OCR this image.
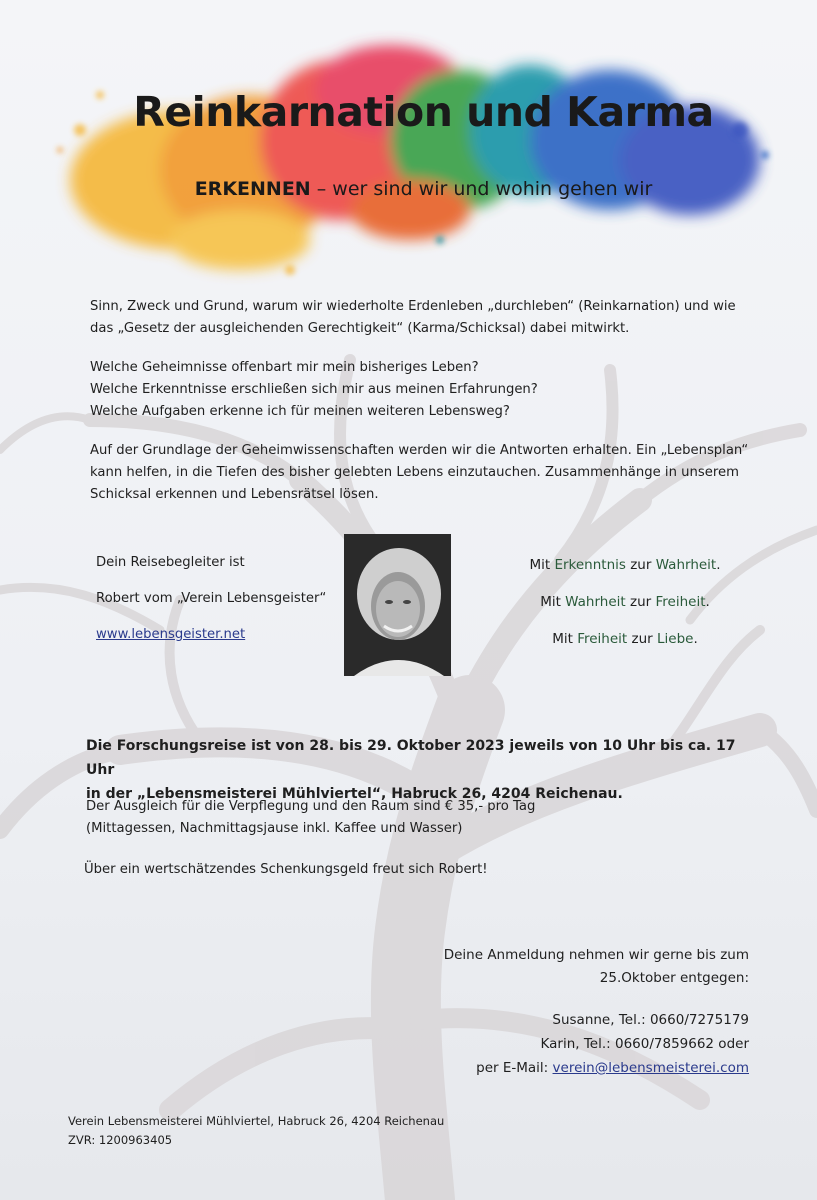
Reinkarnation und Karma
ERKENNEN – wer sind wir und wohin gehen wir
Sinn, Zweck und Grund, warum wir wiederholte Erdenleben „durchleben“ (Reinkarnation) und wie
das „Gesetz der ausgleichenden Gerechtigkeit“ (Karma/Schicksal) dabei mitwirkt.
Welche Geheimnisse offenbart mir mein bisheriges Leben?
Welche Erkenntnisse erschließen sich mir aus meinen Erfahrungen?
Welche Aufgaben erkenne ich für meinen weiteren Lebensweg?
Auf der Grundlage der Geheimwissenschaften werden wir die Antworten erhalten. Ein „Lebensplan“
kann helfen, in die Tiefen des bisher gelebten Lebens einzutauchen. Zusammenhänge in unserem
Schicksal erkennen und Lebensrätsel lösen.
Dein Reisebegleiter ist
Robert vom „Verein Lebensgeister“
www.lebensgeister.net
Mit Erkenntnis zur Wahrheit.
Mit Wahrheit zur Freiheit.
Mit Freiheit zur Liebe.
Die Forschungsreise ist von 28. bis 29. Oktober 2023 jeweils von 10 Uhr bis ca. 17 Uhr
in der „Lebensmeisterei Mühlviertel“, Habruck 26, 4204 Reichenau.
Der Ausgleich für die Verpflegung und den Raum sind € 35,- pro Tag
(Mittagessen, Nachmittagsjause inkl. Kaffee und Wasser)
Über ein wertschätzendes Schenkungsgeld freut sich Robert!
Deine Anmeldung nehmen wir gerne bis zum
25.Oktober entgegen:
Susanne, Tel.: 0660/7275179
Karin, Tel.: 0660/7859662 oder
per E-Mail: verein@lebensmeisterei.com
Verein Lebensmeisterei Mühlviertel, Habruck 26, 4204 Reichenau
ZVR: 1200963405
